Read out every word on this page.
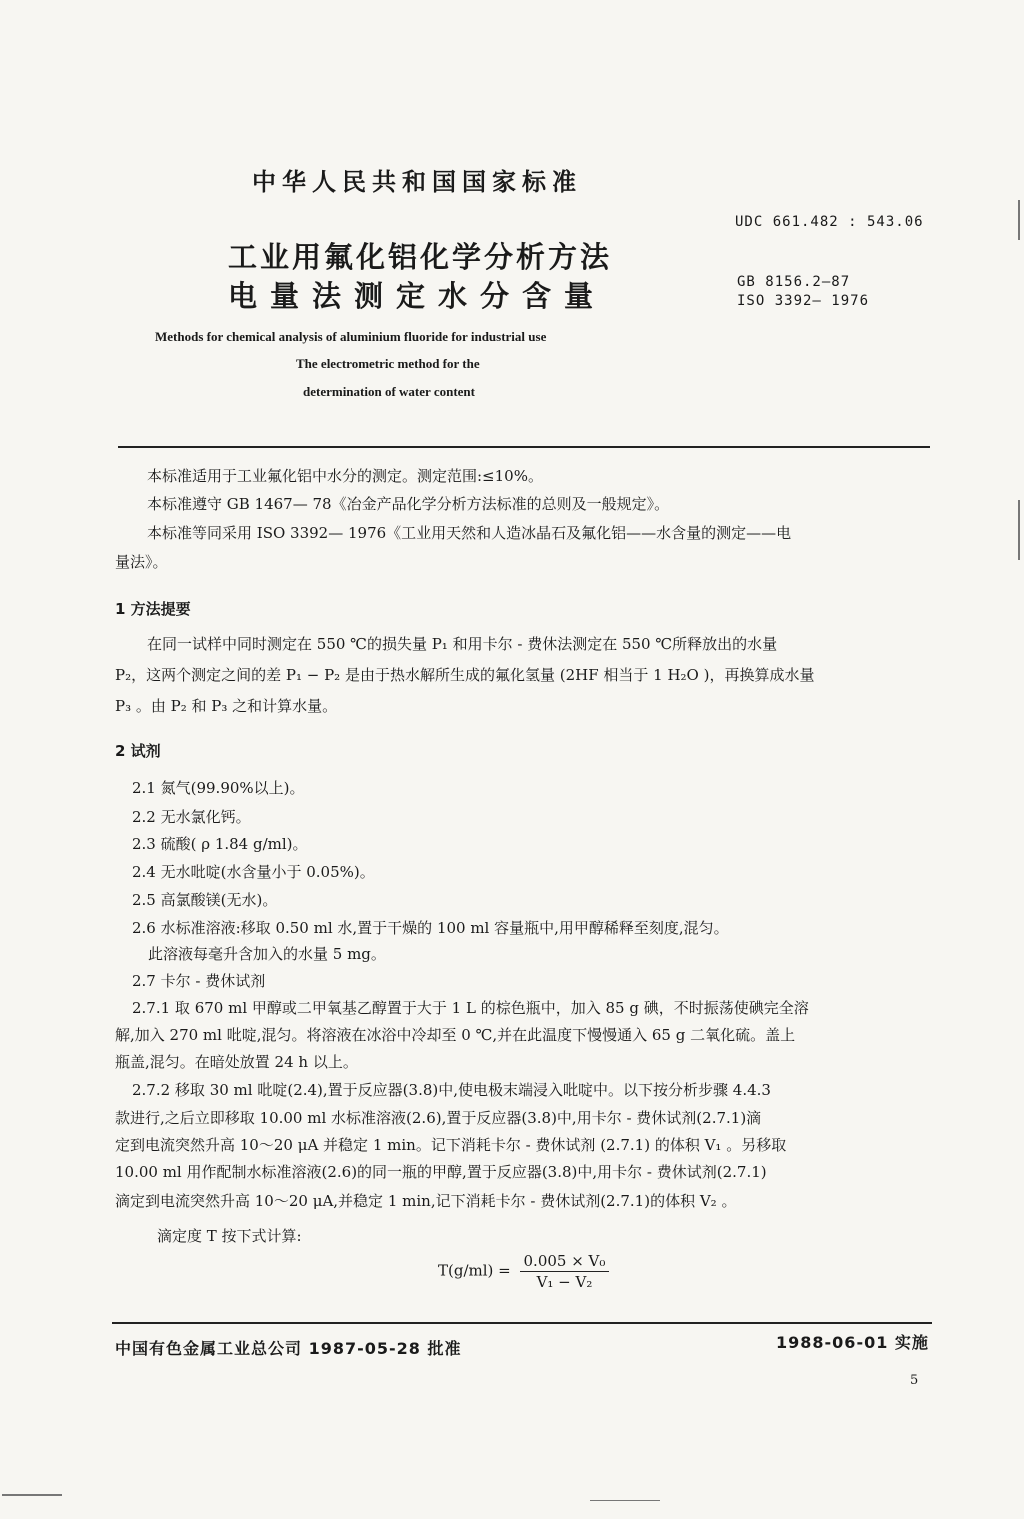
中华人民共和国国家标准
工业用氟化铝化学分析方法
电量法测定水分含量
UDC 661.482 : 543.06
GB 8156.2—87
ISO 3392— 1976
Methods for chemical analysis of aluminium fluoride for industrial use
The electrometric method for the
determination of water content
本标准适用于工业氟化铝中水分的测定。测定范围:≤10%。
本标准遵守 GB 1467— 78《冶金产品化学分析方法标准的总则及一般规定》。
本标准等同采用 ISO 3392— 1976《工业用天然和人造冰晶石及氟化铝——水含量的测定——电
量法》。
1 方法提要
在同一试样中同时测定在 550 ℃的损失量 P₁ 和用卡尔 - 费休法测定在 550 ℃所释放出的水量
P₂，这两个测定之间的差 P₁ − P₂ 是由于热水解所生成的氟化氢量 (2HF 相当于 1 H₂O )，再换算成水量
P₃ 。由 P₂ 和 P₃ 之和计算水量。
2 试剂
2.1 氮气(99.90%以上)。
2.2 无水氯化钙。
2.3 硫酸( ρ 1.84 g/ml)。
2.4 无水吡啶(水含量小于 0.05%)。
2.5 高氯酸镁(无水)。
2.6 水标准溶液:移取 0.50 ml 水,置于干燥的 100 ml 容量瓶中,用甲醇稀释至刻度,混匀。
此溶液每毫升含加入的水量 5 mg。
2.7 卡尔 - 费休试剂
2.7.1 取 670 ml 甲醇或二甲氧基乙醇置于大于 1 L 的棕色瓶中，加入 85 g 碘，不时振荡使碘完全溶
解,加入 270 ml 吡啶,混匀。将溶液在冰浴中冷却至 0 ℃,并在此温度下慢慢通入 65 g 二氧化硫。盖上
瓶盖,混匀。在暗处放置 24 h 以上。
2.7.2 移取 30 ml 吡啶(2.4),置于反应器(3.8)中,使电极末端浸入吡啶中。以下按分析步骤 4.4.3
款进行,之后立即移取 10.00 ml 水标准溶液(2.6),置于反应器(3.8)中,用卡尔 - 费休试剂(2.7.1)滴
定到电流突然升高 10～20 μA 并稳定 1 min。记下消耗卡尔 - 费休试剂 (2.7.1) 的体积 V₁ 。另移取
10.00 ml 用作配制水标准溶液(2.6)的同一瓶的甲醇,置于反应器(3.8)中,用卡尔 - 费休试剂(2.7.1)
滴定到电流突然升高 10～20 μA,并稳定 1 min,记下消耗卡尔 - 费休试剂(2.7.1)的体积 V₂ 。
滴定度 T 按下式计算:
$T(g/ml) = \frac{\text{0.005 × V₀}}{\text{V₁ − V₂}}$
中国有色金属工业总公司 1987-05-28 批准	1988-06-01 实施
5
